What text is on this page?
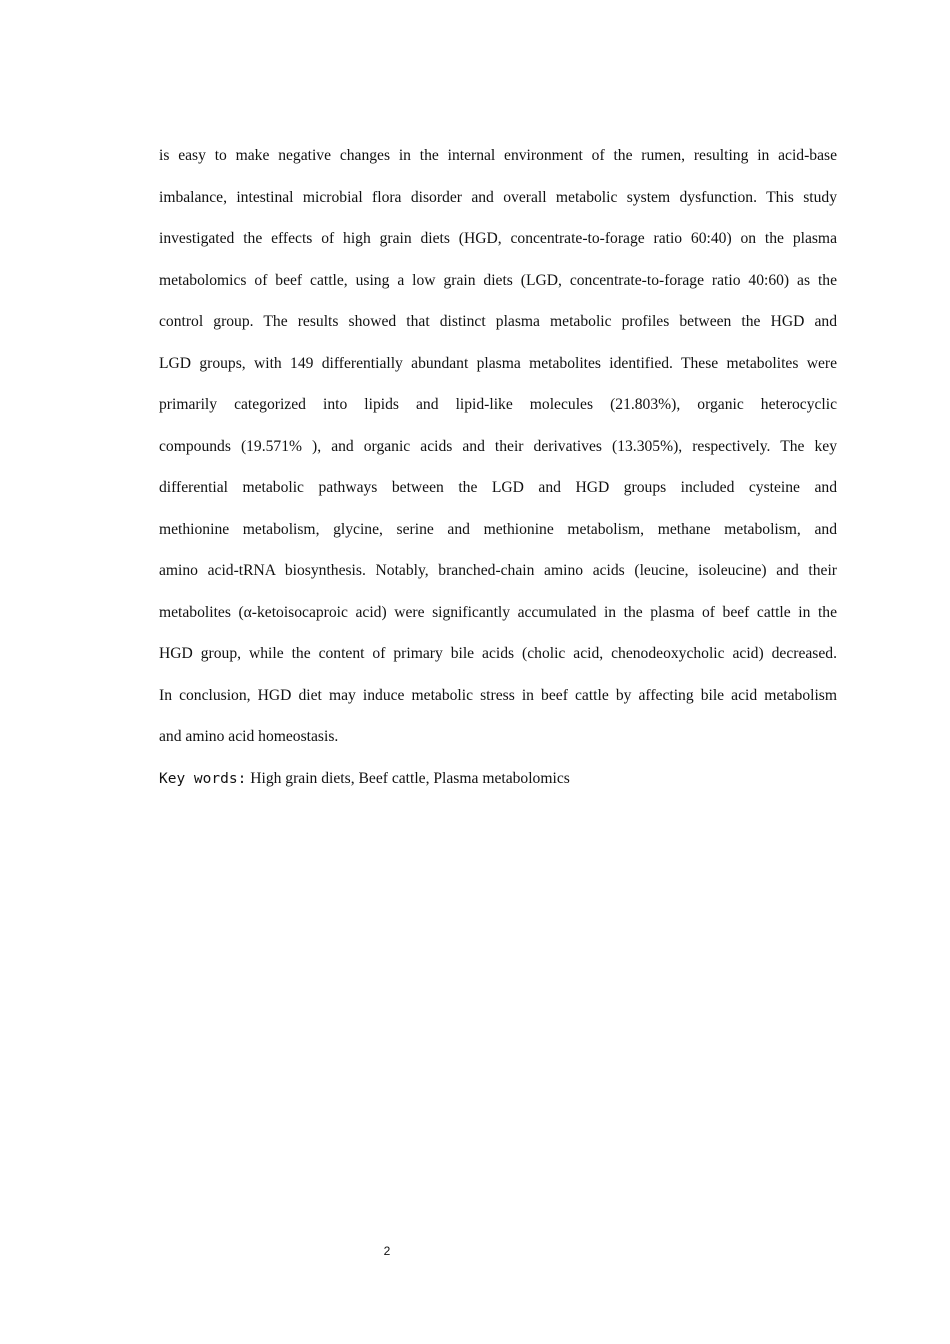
is easy to make negative changes in the internal environment of the rumen, resulting in acid-base
imbalance, intestinal microbial flora disorder and overall metabolic system dysfunction. This study
investigated the effects of high grain diets (HGD, concentrate-to-forage ratio 60:40) on the plasma
metabolomics of beef cattle, using a low grain diets (LGD, concentrate-to-forage ratio 40:60) as the
control group. The results showed that distinct plasma metabolic profiles between the HGD and
LGD groups, with 149 differentially abundant plasma metabolites identified. These metabolites were
primarily categorized into lipids and lipid-like molecules (21.803%), organic heterocyclic
compounds (19.571% ), and organic acids and their derivatives (13.305%), respectively. The key
differential metabolic pathways between the LGD and HGD groups included cysteine and
methionine metabolism, glycine, serine and methionine metabolism, methane metabolism, and
amino acid-tRNA biosynthesis. Notably, branched-chain amino acids (leucine, isoleucine) and their
metabolites (α-ketoisocaproic acid) were significantly accumulated in the plasma of beef cattle in the
HGD group, while the content of primary bile acids (cholic acid, chenodeoxycholic acid) decreased.
In conclusion, HGD diet may induce metabolic stress in beef cattle by affecting bile acid metabolism
and amino acid homeostasis.
Key words: High grain diets, Beef cattle, Plasma metabolomics
2
